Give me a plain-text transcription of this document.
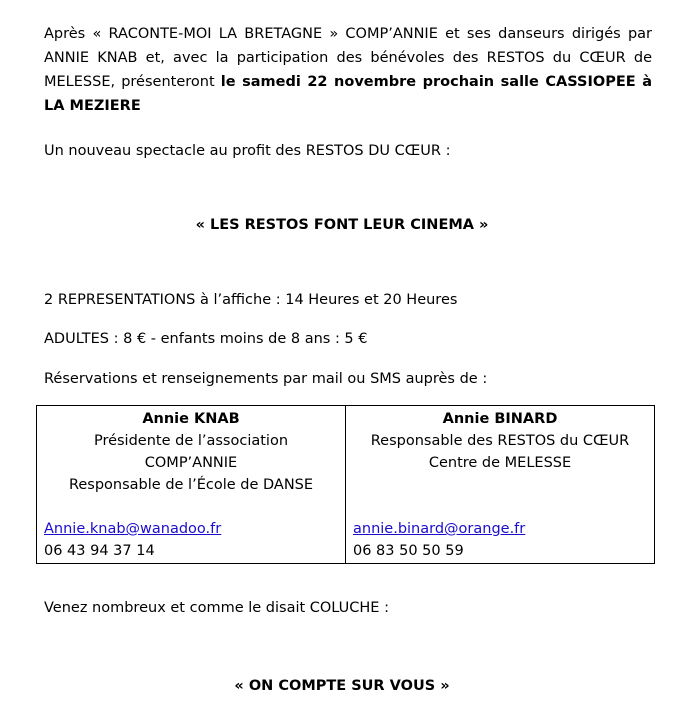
Après « RACONTE-MOI LA BRETAGNE » COMP’ANNIE et ses danseurs dirigés par ANNIE KNAB et, avec la participation des bénévoles des RESTOS du CŒUR de MELESSE, présenteront le samedi 22 novembre prochain salle CASSIOPEE à LA MEZIERE

Un nouveau spectacle au profit des RESTOS DU CŒUR :

« LES RESTOS FONT LEUR CINEMA »

2 REPRESENTATIONS à l’affiche : 14 Heures et 20 Heures

ADULTES : 8 € - enfants moins de 8 ans : 5 €

Réservations et renseignements par mail ou SMS auprès de :

Annie KNAB
Présidente de l’association
COMP’ANNIE
Responsable de l’École de DANSE
Annie.knab@wanadoo.fr
06 43 94 37 14

Annie BINARD
Responsable des RESTOS du CŒUR
Centre de MELESSE
annie.binard@orange.fr
06 83 50 50 59

Venez nombreux et comme le disait COLUCHE :

« ON COMPTE SUR VOUS »
